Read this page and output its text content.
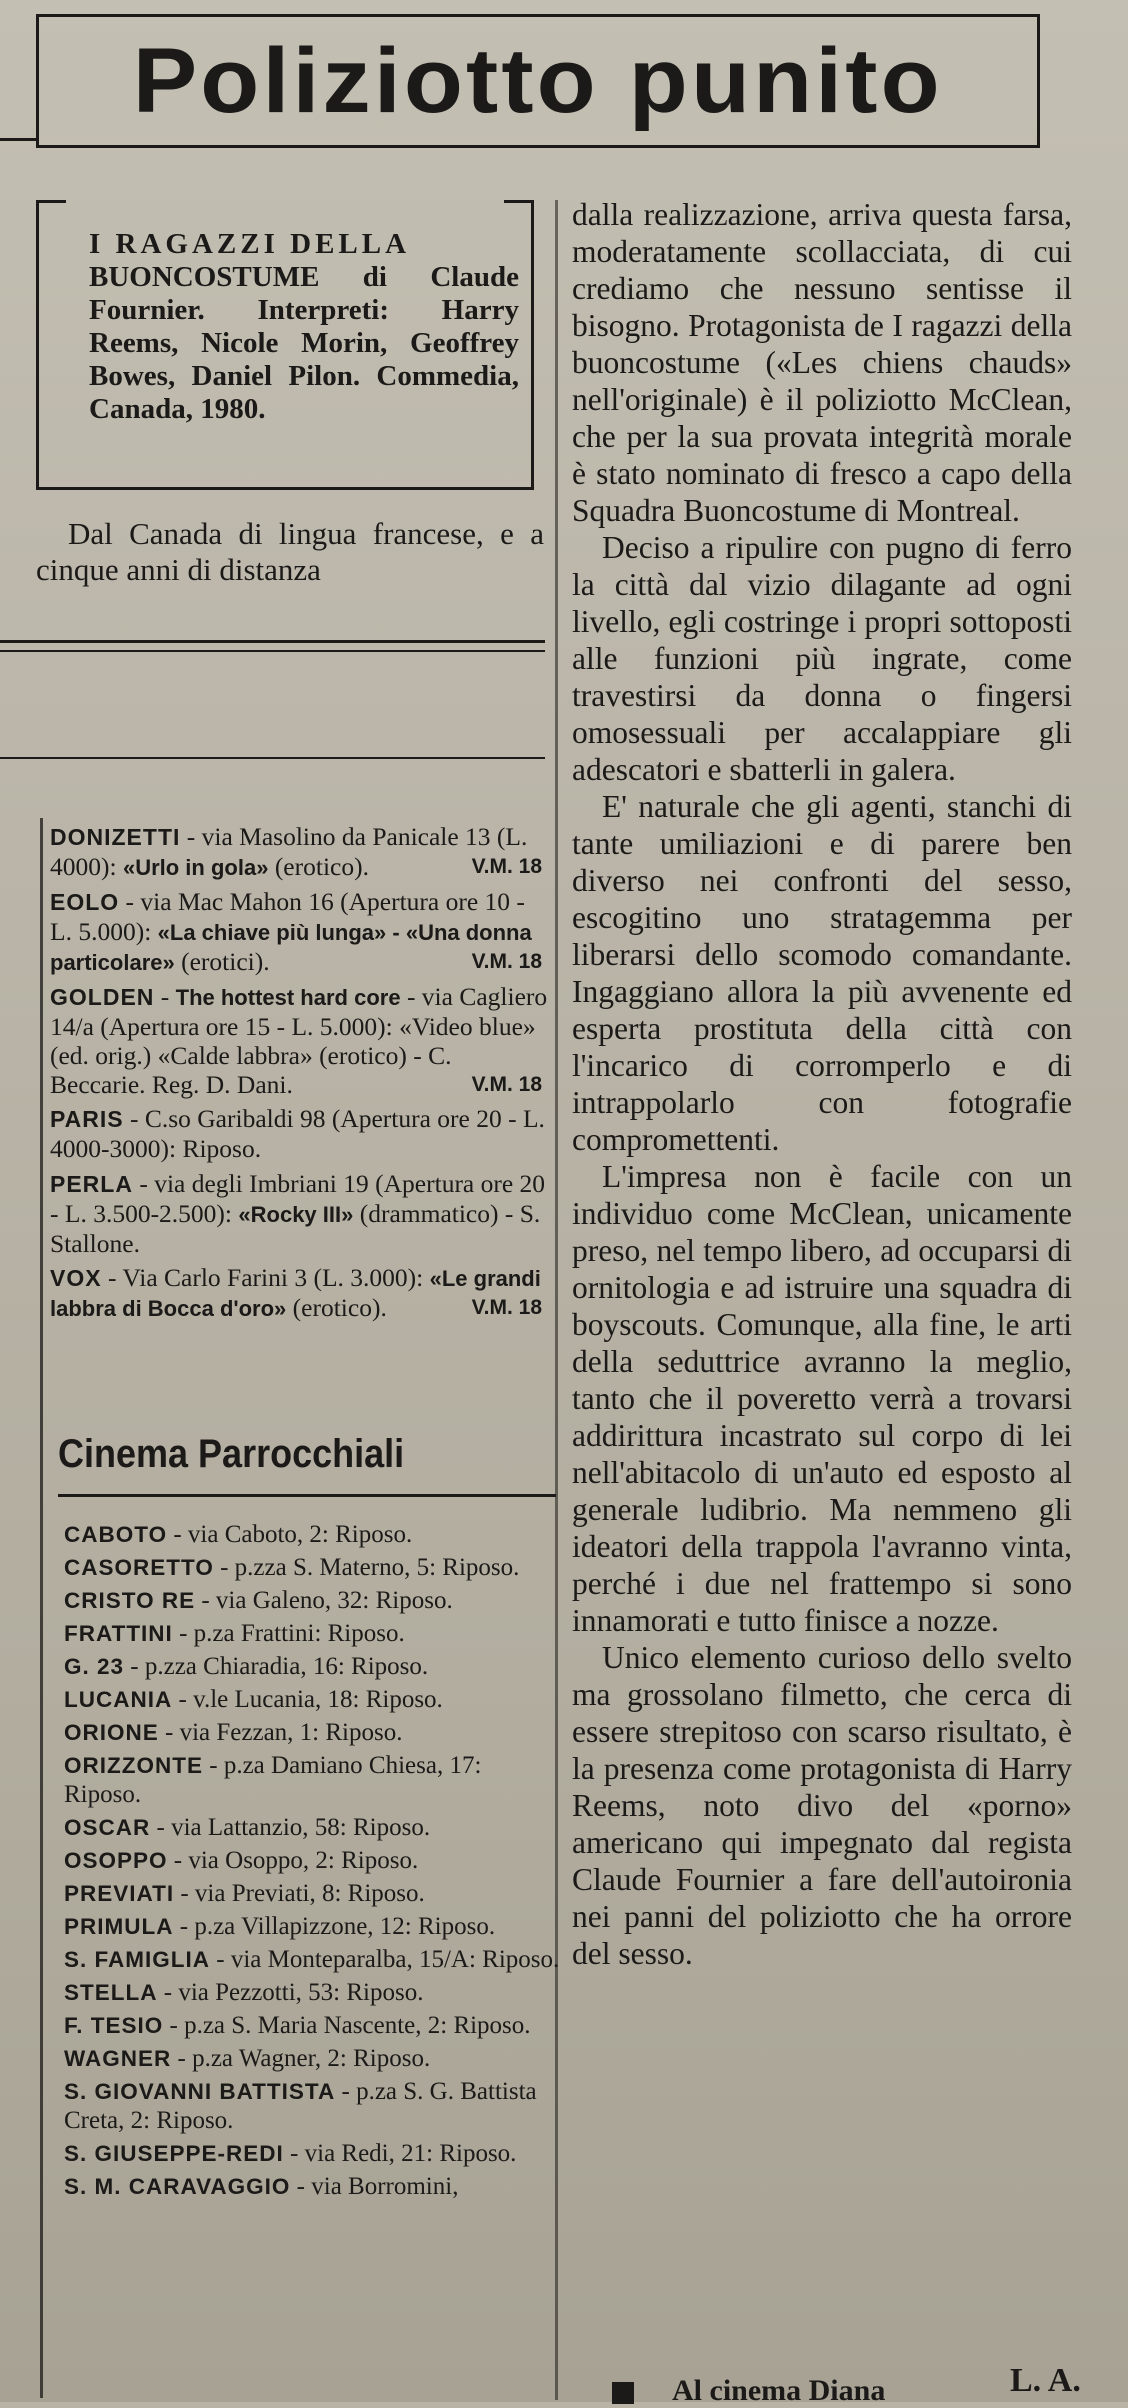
Poliziotto punito
I RAGAZZI DELLA
BUONCOSTUME di Claude Fournier. Interpreti: Harry Reems, Nicole Morin, Geoffrey Bowes, Daniel Pilon. Commedia, Canada, 1980.
Dal Canada di lingua francese, e a cinque anni di distanza
DONIZETTI - via Masolino da Panicale 13 (L. 4000): «Urlo in gola» (erotico).	V.M. 18
EOLO - via Mac Mahon 16 (Apertura ore 10 - L. 5.000): «La chiave più lunga» - «Una donna particolare» (erotici).	V.M. 18
GOLDEN - The hottest hard core - via Cagliero 14/a (Apertura ore 15 - L. 5.000): «Video blue» (ed. orig.) «Calde labbra» (erotico) - C. Beccarie. Reg. D. Dani.	V.M. 18
PARIS - C.so Garibaldi 98 (Apertura ore 20 - L. 4000-3000): Riposo.
PERLA - via degli Imbriani 19 (Apertura ore 20 - L. 3.500-2.500): «Rocky III» (drammatico) - S. Stallone.
VOX - Via Carlo Farini 3 (L. 3.000): «Le grandi labbra di Bocca d'oro» (erotico).	V.M. 18
Cinema Parrocchiali
CABOTO - via Caboto, 2: Riposo.
CASORETTO - p.zza S. Materno, 5: Riposo.
CRISTO RE - via Galeno, 32: Riposo.
FRATTINI - p.za Frattini: Riposo.
G. 23 - p.zza Chiaradia, 16: Riposo.
LUCANIA - v.le Lucania, 18: Riposo.
ORIONE - via Fezzan, 1: Riposo.
ORIZZONTE - p.za Damiano Chiesa, 17: Riposo.
OSCAR - via Lattanzio, 58: Riposo.
OSOPPO - via Osoppo, 2: Riposo.
PREVIATI - via Previati, 8: Riposo.
PRIMULA - p.za Villapizzone, 12: Riposo.
S. FAMIGLIA - via Monteparalba, 15/A: Riposo.
STELLA - via Pezzotti, 53: Riposo.
F. TESIO - p.za S. Maria Nascente, 2: Riposo.
WAGNER - p.za Wagner, 2: Riposo.
S. GIOVANNI BATTISTA - p.za S. G. Battista Creta, 2: Riposo.
S. GIUSEPPE-REDI - via Redi, 21: Riposo.
S. M. CARAVAGGIO - via Borromini,

dalla realizzazione, arriva questa farsa, moderatamente scollacciata, di cui crediamo che nessuno sentisse il bisogno. Protagonista de I ragazzi della buoncostume («Les chiens chauds» nell'originale) è il poliziotto McClean, che per la sua provata integrità morale è stato nominato di fresco a capo della Squadra Buoncostume di Montreal.

Deciso a ripulire con pugno di ferro la città dal vizio dilagante ad ogni livello, egli costringe i propri sottoposti alle funzioni più ingrate, come travestirsi da donna o fingersi omosessuali per accalappiare gli adescatori e sbatterli in galera.

E' naturale che gli agenti, stanchi di tante umiliazioni e di parere ben diverso nei confronti del sesso, escogitino uno stratagemma per liberarsi dello scomodo comandante. Ingaggiano allora la più avvenente ed esperta prostituta della città con l'incarico di corromperlo e di intrappolarlo con fotografie compromettenti.

L'impresa non è facile con un individuo come McClean, unicamente preso, nel tempo libero, ad occuparsi di ornitologia e ad istruire una squadra di boyscouts. Comunque, alla fine, le arti della seduttrice avranno la meglio, tanto che il poveretto verrà a trovarsi addirittura incastrato sul corpo di lei nell'abitacolo di un'auto ed esposto al generale ludibrio. Ma nemmeno gli ideatori della trappola l'avranno vinta, perché i due nel frattempo si sono innamorati e tutto finisce a nozze.

Unico elemento curioso dello svelto ma grossolano filmetto, che cerca di essere strepitoso con scarso risultato, è la presenza come protagonista di Harry Reems, noto divo del «porno» americano qui impegnato dal regista Claude Fournier a fare dell'autoironia nei panni del poliziotto che ha orrore del sesso.

L. A.
Al cinema Diana
